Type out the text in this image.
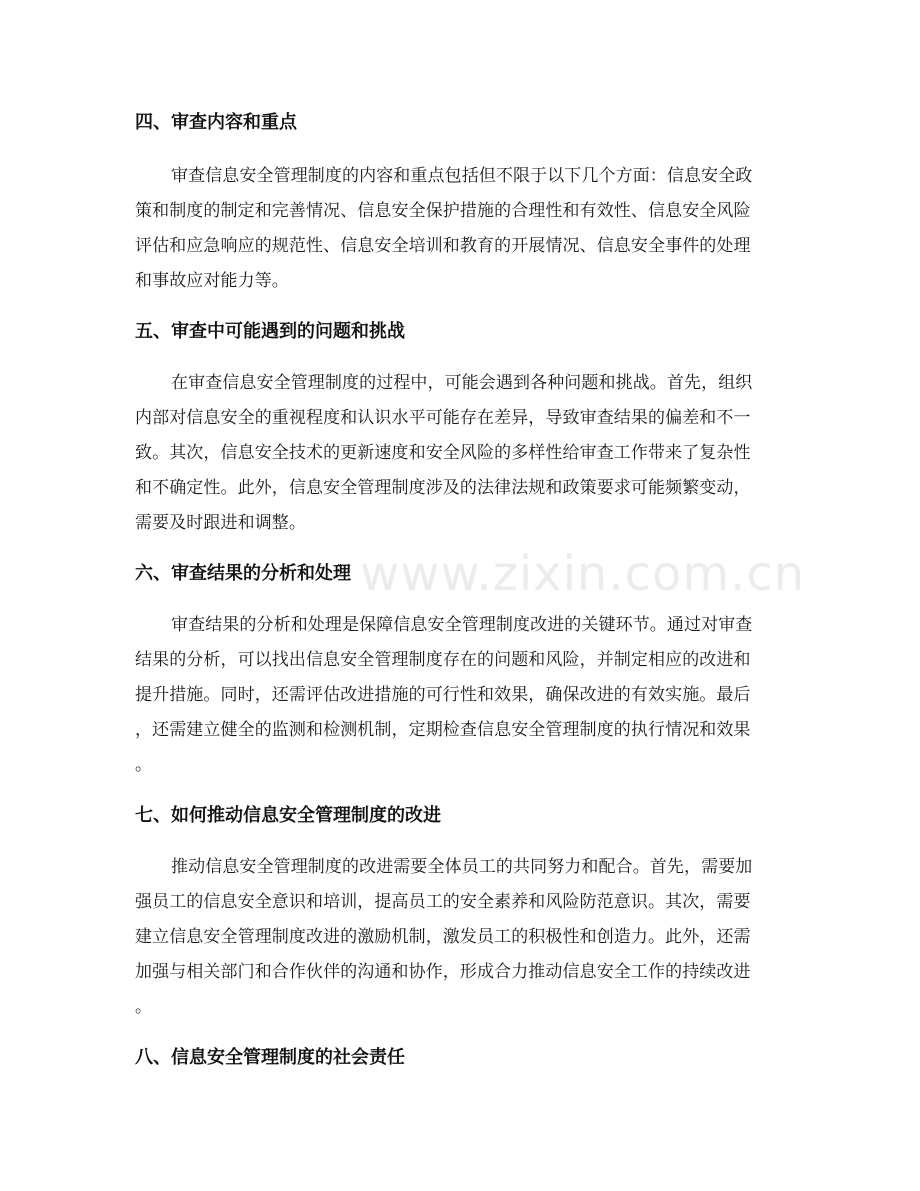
www.zixin.com.cn
四、审查内容和重点
审查信息安全管理制度的内容和重点包括但不限于以下几个方面：信息安全政
策和制度的制定和完善情况、信息安全保护措施的合理性和有效性、信息安全风险
评估和应急响应的规范性、信息安全培训和教育的开展情况、信息安全事件的处理
和事故应对能力等。
五、审查中可能遇到的问题和挑战
在审查信息安全管理制度的过程中，可能会遇到各种问题和挑战。首先，组织
内部对信息安全的重视程度和认识水平可能存在差异，导致审查结果的偏差和不一
致。其次，信息安全技术的更新速度和安全风险的多样性给审查工作带来了复杂性
和不确定性。此外，信息安全管理制度涉及的法律法规和政策要求可能频繁变动，
需要及时跟进和调整。
六、审查结果的分析和处理
审查结果的分析和处理是保障信息安全管理制度改进的关键环节。通过对审查
结果的分析，可以找出信息安全管理制度存在的问题和风险，并制定相应的改进和
提升措施。同时，还需评估改进措施的可行性和效果，确保改进的有效实施。最后
，还需建立健全的监测和检测机制，定期检查信息安全管理制度的执行情况和效果
。
七、如何推动信息安全管理制度的改进
推动信息安全管理制度的改进需要全体员工的共同努力和配合。首先，需要加
强员工的信息安全意识和培训，提高员工的安全素养和风险防范意识。其次，需要
建立信息安全管理制度改进的激励机制，激发员工的积极性和创造力。此外，还需
加强与相关部门和合作伙伴的沟通和协作，形成合力推动信息安全工作的持续改进
。
八、信息安全管理制度的社会责任
